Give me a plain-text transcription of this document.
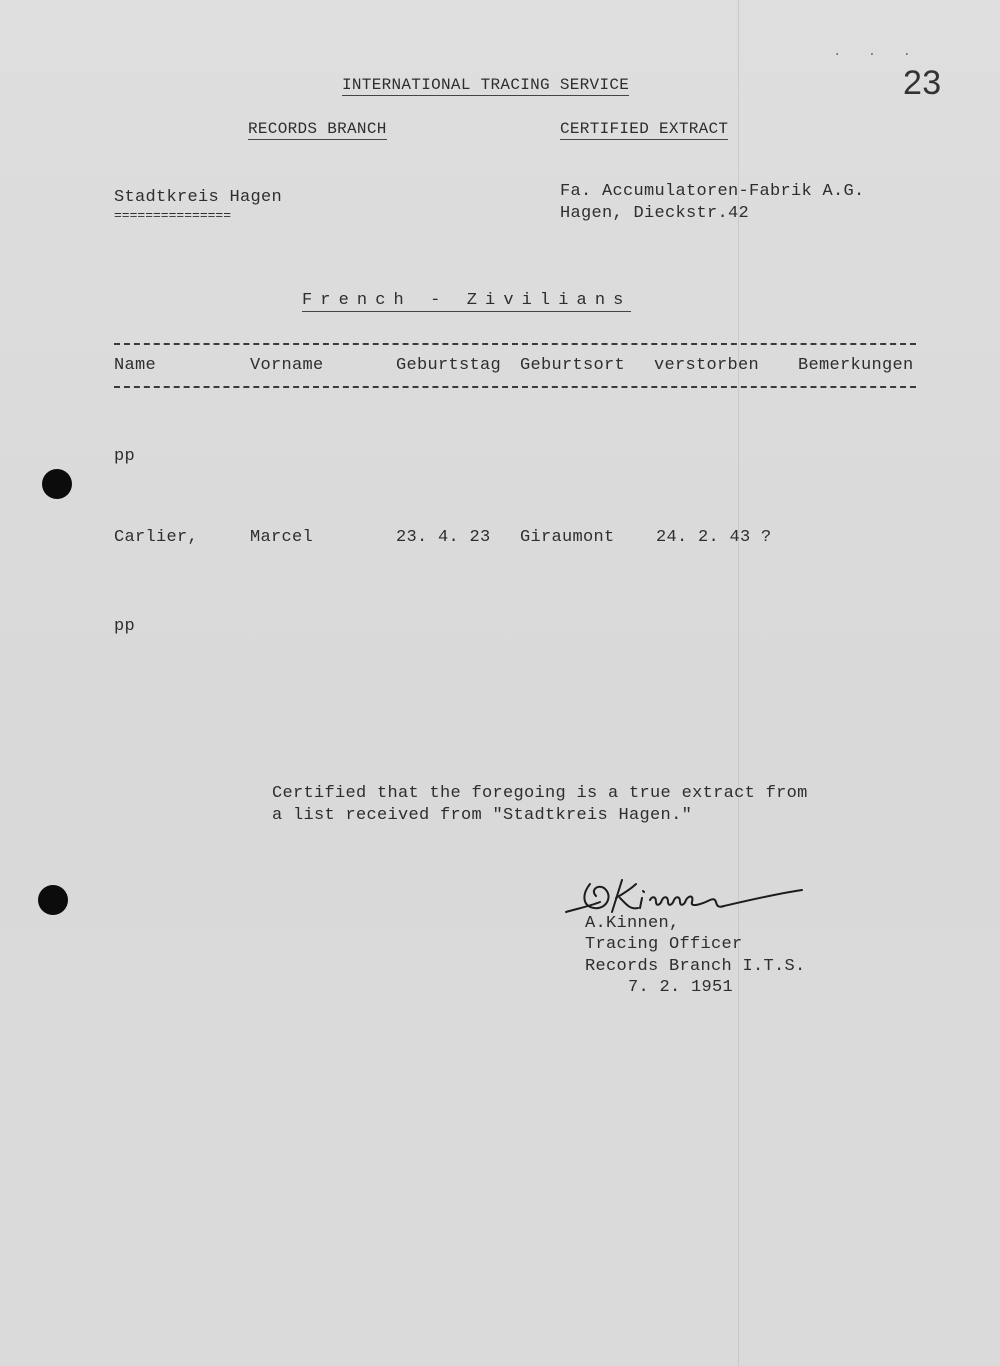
.   .   .
INTERNATIONAL TRACING SERVICE	23
RECORDS BRANCH	CERTIFIED EXTRACT
Stadtkreis Hagen
===============
Fa. Accumulatoren-Fabrik A.G.
Hagen, Dieckstr.42
French - Zivilians
Name	Vorname	Geburtstag Geburtsort verstorben Bemerkungen
pp
Carlier,	Marcel	23. 4. 23 Giraumont 24. 2. 43 ?
pp
Certified that the foregoing is a true extract from
a list received from "Stadtkreis Hagen."
A.Kinnen,
Tracing Officer
Records Branch I.T.S.
7. 2. 1951
